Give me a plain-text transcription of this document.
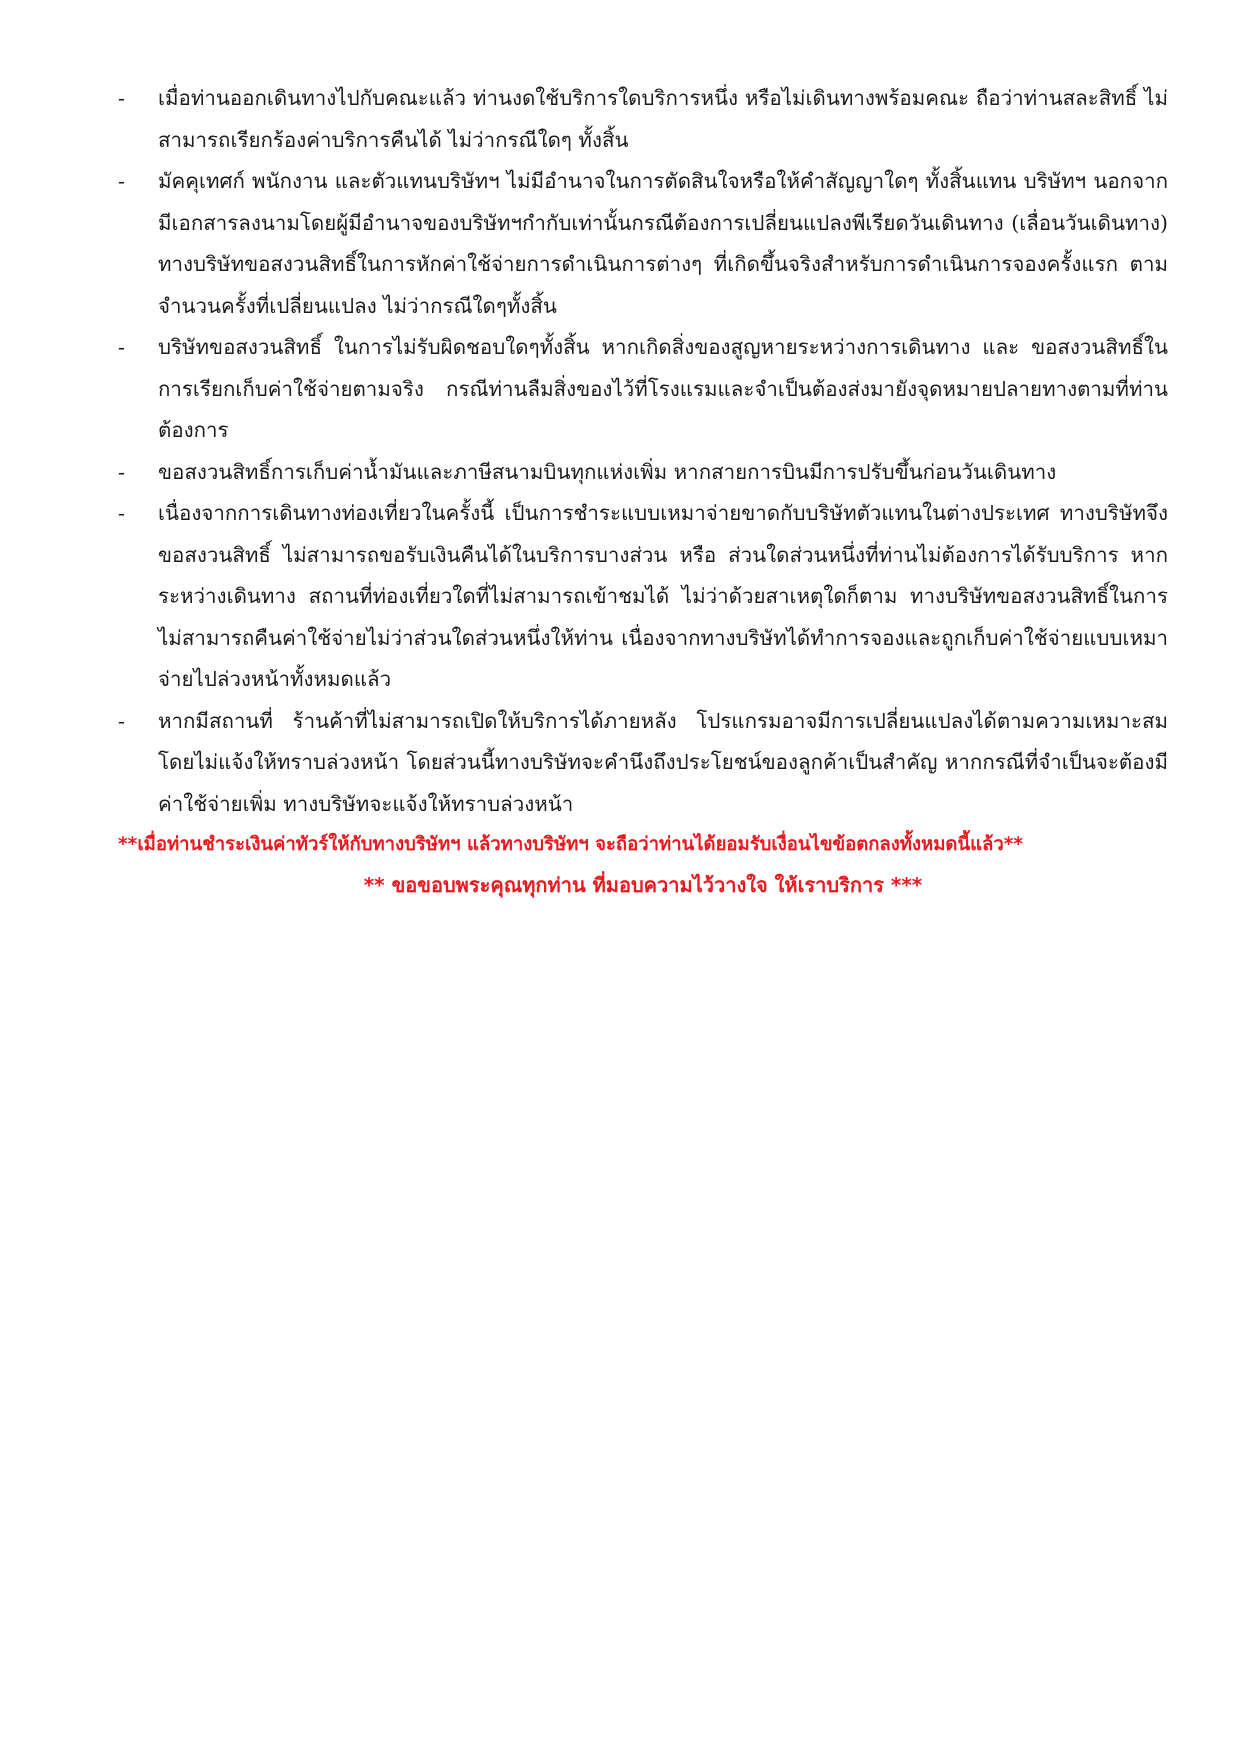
- เมื่อท่านออกเดินทางไปกับคณะแล้ว ท่านงดใช้บริการใดบริการหนึ่ง หรือไม่เดินทางพร้อมคณะ ถือว่าท่านสละสิทธิ์ ไม่สามารถเรียกร้องค่าบริการคืนได้ ไม่ว่ากรณีใดๆ ทั้งสิ้น
- มัคคุเทศก์ พนักงาน และตัวแทนบริษัทฯ ไม่มีอำนาจในการตัดสินใจหรือให้คำสัญญาใดๆ ทั้งสิ้นแทน บริษัทฯ นอกจากมีเอกสารลงนามโดยผู้มีอำนาจของบริษัทฯกำกับเท่านั้นกรณีต้องการเปลี่ยนแปลงพีเรียดวันเดินทาง (เลื่อนวันเดินทาง) ทางบริษัทขอสงวนสิทธิ์ในการหักค่าใช้จ่ายการดำเนินการต่างๆ ที่เกิดขึ้นจริงสำหรับการดำเนินการจองครั้งแรก ตามจำนวนครั้งที่เปลี่ยนแปลง ไม่ว่ากรณีใดๆทั้งสิ้น
- บริษัทขอสงวนสิทธิ์ ในการไม่รับผิดชอบใดๆทั้งสิ้น หากเกิดสิ่งของสูญหายระหว่างการเดินทาง และ ขอสงวนสิทธิ์ในการเรียกเก็บค่าใช้จ่ายตามจริง กรณีท่านลืมสิ่งของไว้ที่โรงแรมและจำเป็นต้องส่งมายังจุดหมายปลายทางตามที่ท่านต้องการ
- ขอสงวนสิทธิ์การเก็บค่าน้ำมันและภาษีสนามบินทุกแห่งเพิ่ม หากสายการบินมีการปรับขึ้นก่อนวันเดินทาง
- เนื่องจากการเดินทางท่องเที่ยวในครั้งนี้ เป็นการชำระแบบเหมาจ่ายขาดกับบริษัทตัวแทนในต่างประเทศ ทางบริษัทจึงขอสงวนสิทธิ์ ไม่สามารถขอรับเงินคืนได้ในบริการบางส่วน หรือ ส่วนใดส่วนหนึ่งที่ท่านไม่ต้องการได้รับบริการ หากระหว่างเดินทาง สถานที่ท่องเที่ยวใดที่ไม่สามารถเข้าชมได้ ไม่ว่าด้วยสาเหตุใดก็ตาม ทางบริษัทขอสงวนสิทธิ์ในการไม่สามารถคืนค่าใช้จ่ายไม่ว่าส่วนใดส่วนหนึ่งให้ท่าน เนื่องจากทางบริษัทได้ทำการจองและถูกเก็บค่าใช้จ่ายแบบเหมาจ่ายไปล่วงหน้าทั้งหมดแล้ว
- หากมีสถานที่ ร้านค้าที่ไม่สามารถเปิดให้บริการได้ภายหลัง โปรแกรมอาจมีการเปลี่ยนแปลงได้ตามความเหมาะสม โดยไม่แจ้งให้ทราบล่วงหน้า โดยส่วนนี้ทางบริษัทจะคำนึงถึงประโยชน์ของลูกค้าเป็นสำคัญ หากกรณีที่จำเป็นจะต้องมีค่าใช้จ่ายเพิ่ม ทางบริษัทจะแจ้งให้ทราบล่วงหน้า

**เมื่อท่านชำระเงินค่าทัวร์ให้กับทางบริษัทฯ แล้วทางบริษัทฯ จะถือว่าท่านได้ยอมรับเงื่อนไขข้อตกลงทั้งหมดนี้แล้ว**

** ขอขอบพระคุณทุกท่าน ที่มอบความไว้วางใจ ให้เราบริการ ***
